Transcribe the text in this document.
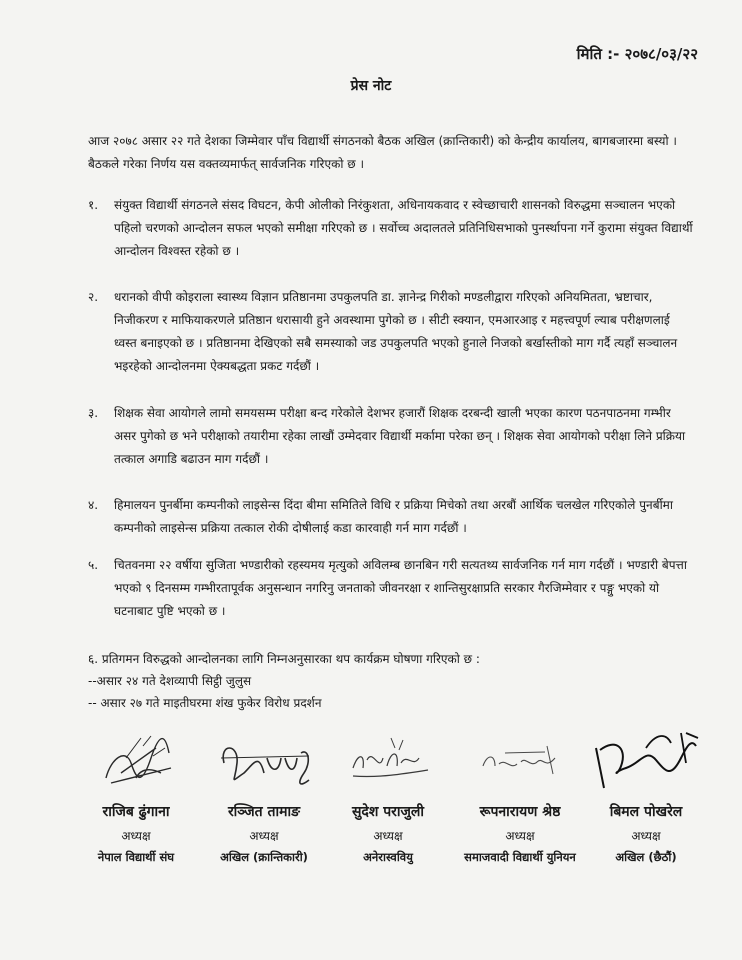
मिति :- २०७८/०३/२२
प्रेस नोट
आज २०७८ असार २२ गते देशका जिम्मेवार पाँच विद्यार्थी संगठनको बैठक अखिल (क्रान्तिकारी) को केन्द्रीय कार्यालय, बागबजारमा बस्यो । बैठकले गरेका निर्णय यस वक्तव्यमार्फत् सार्वजनिक गरिएको छ ।
१.	संयुक्त विद्यार्थी संगठनले संसद विघटन, केपी ओलीको निरंकुशता, अधिनायकवाद र स्वेच्छाचारी शासनको विरुद्धमा सञ्चालन भएको पहिलो चरणको आन्दोलन सफल भएको समीक्षा गरिएको छ । सर्वोच्च अदालतले प्रतिनिधिसभाको पुनर्स्थापना गर्ने कुरामा संयुक्त विद्यार्थी आन्दोलन विश्वस्त रहेको छ ।
२.	धरानको वीपी कोइराला स्वास्थ्य विज्ञान प्रतिष्ठानमा उपकुलपति डा. ज्ञानेन्द्र गिरीको मण्डलीद्वारा गरिएको अनियमितता, भ्रष्टाचार, निजीकरण र माफियाकरणले प्रतिष्ठान धरासायी हुने अवस्थामा पुगेको छ । सीटी स्क्यान, एमआरआइ र महत्त्वपूर्ण ल्याब परीक्षणलाई ध्वस्त बनाइएको छ । प्रतिष्ठानमा देखिएको सबै समस्याको जड उपकुलपति भएको हुनाले निजको बर्खास्तीको माग गर्दै त्यहाँ सञ्चालन भइरहेको आन्दोलनमा ऐक्यबद्धता प्रकट गर्दछौं ।
३.	शिक्षक सेवा आयोगले लामो समयसम्म परीक्षा बन्द गरेकोले देशभर हजारौं शिक्षक दरबन्दी खाली भएका कारण पठनपाठनमा गम्भीर असर पुगेको छ भने परीक्षाको तयारीमा रहेका लाखौं उम्मेदवार विद्यार्थी मर्कामा परेका छन् । शिक्षक सेवा आयोगको परीक्षा लिने प्रक्रिया तत्काल अगाडि बढाउन माग गर्दछौं ।
४.	हिमालयन पुनर्बीमा कम्पनीको लाइसेन्स दिंदा बीमा समितिले विधि र प्रक्रिया मिचेको तथा अरबौं आर्थिक चलखेल गरिएकोले पुनर्बीमा कम्पनीको लाइसेन्स प्रक्रिया तत्काल रोकी दोषीलाई कडा कारवाही गर्न माग गर्दछौं ।
५.	चितवनमा २२ वर्षीया सुजिता भण्डारीको रहस्यमय मृत्युको अविलम्ब छानबिन गरी सत्यतथ्य सार्वजनिक गर्न माग गर्दछौं । भण्डारी बेपत्ता भएको ९ दिनसम्म गम्भीरतापूर्वक अनुसन्धान नगरिनु जनताको जीवनरक्षा र शान्तिसुरक्षाप्रति सरकार गैरजिम्मेवार र पङ्गु भएको यो घटनाबाट पुष्टि भएको छ ।
६. प्रतिगमन विरुद्धको आन्दोलनका लागि निम्नअनुसारका थप कार्यक्रम घोषणा गरिएको छ :
--असार २४ गते देशव्यापी सिट्ठी जुलुस
-- असार २७ गते माइतीघरमा शंख फुकेर विरोध प्रदर्शन
राजिब ढुंगाना
अध्यक्ष
नेपाल विद्यार्थी संघ
रञ्जित तामाङ
अध्यक्ष
अखिल (क्रान्तिकारी)
सुदेश पराजुली
अध्यक्ष
अनेरास्ववियु
रूपनारायण श्रेष्ठ
अध्यक्ष
समाजवादी विद्यार्थी युनियन
बिमल पोखरेल
अध्यक्ष
अखिल (छैठौं)
